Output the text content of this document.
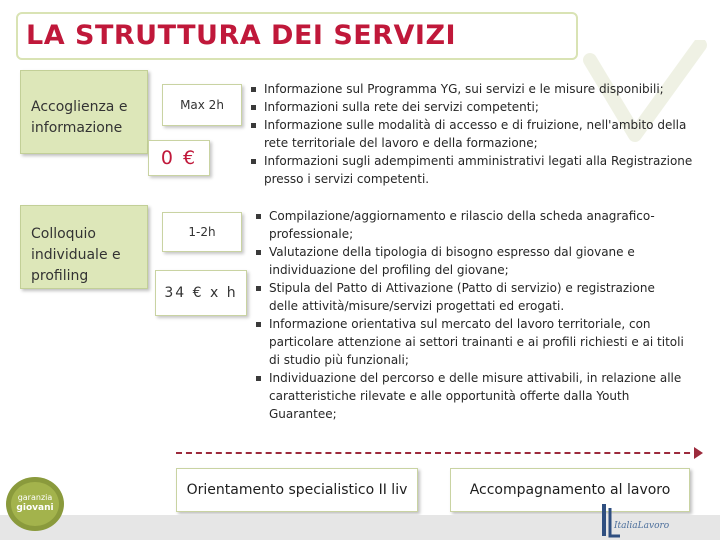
LA STRUTTURA DEI SERVIZI
Accoglienza e informazione
Max 2h
0 €
Informazione sul Programma YG, sui servizi e le misure disponibili;
Informazioni sulla rete dei servizi competenti;
Informazione sulle modalità di accesso e di fruizione, nell'ambito della rete territoriale del lavoro e della formazione;
Informazioni sugli adempimenti amministrativi legati alla Registrazione presso i servizi competenti.
Colloquio individuale e profiling
1-2h
34 € x h
Compilazione/aggiornamento e rilascio della scheda anagrafico-professionale;
Valutazione della tipologia di bisogno espresso dal giovane e individuazione del profiling del giovane;
Stipula del Patto di Attivazione (Patto di servizio) e registrazione delle attività/misure/servizi progettati ed erogati.
Informazione orientativa sul mercato del lavoro territoriale, con particolare attenzione ai settori trainanti e ai profili richiesti e ai titoli di studio più funzionali;
Individuazione del percorso e delle misure attivabili, in relazione alle caratteristiche rilevate e alle opportunità offerte dalla Youth Guarantee;
Orientamento specialistico II liv	Accompagnamento al lavoro
garanzia
giovani
ItaliaLavoro
